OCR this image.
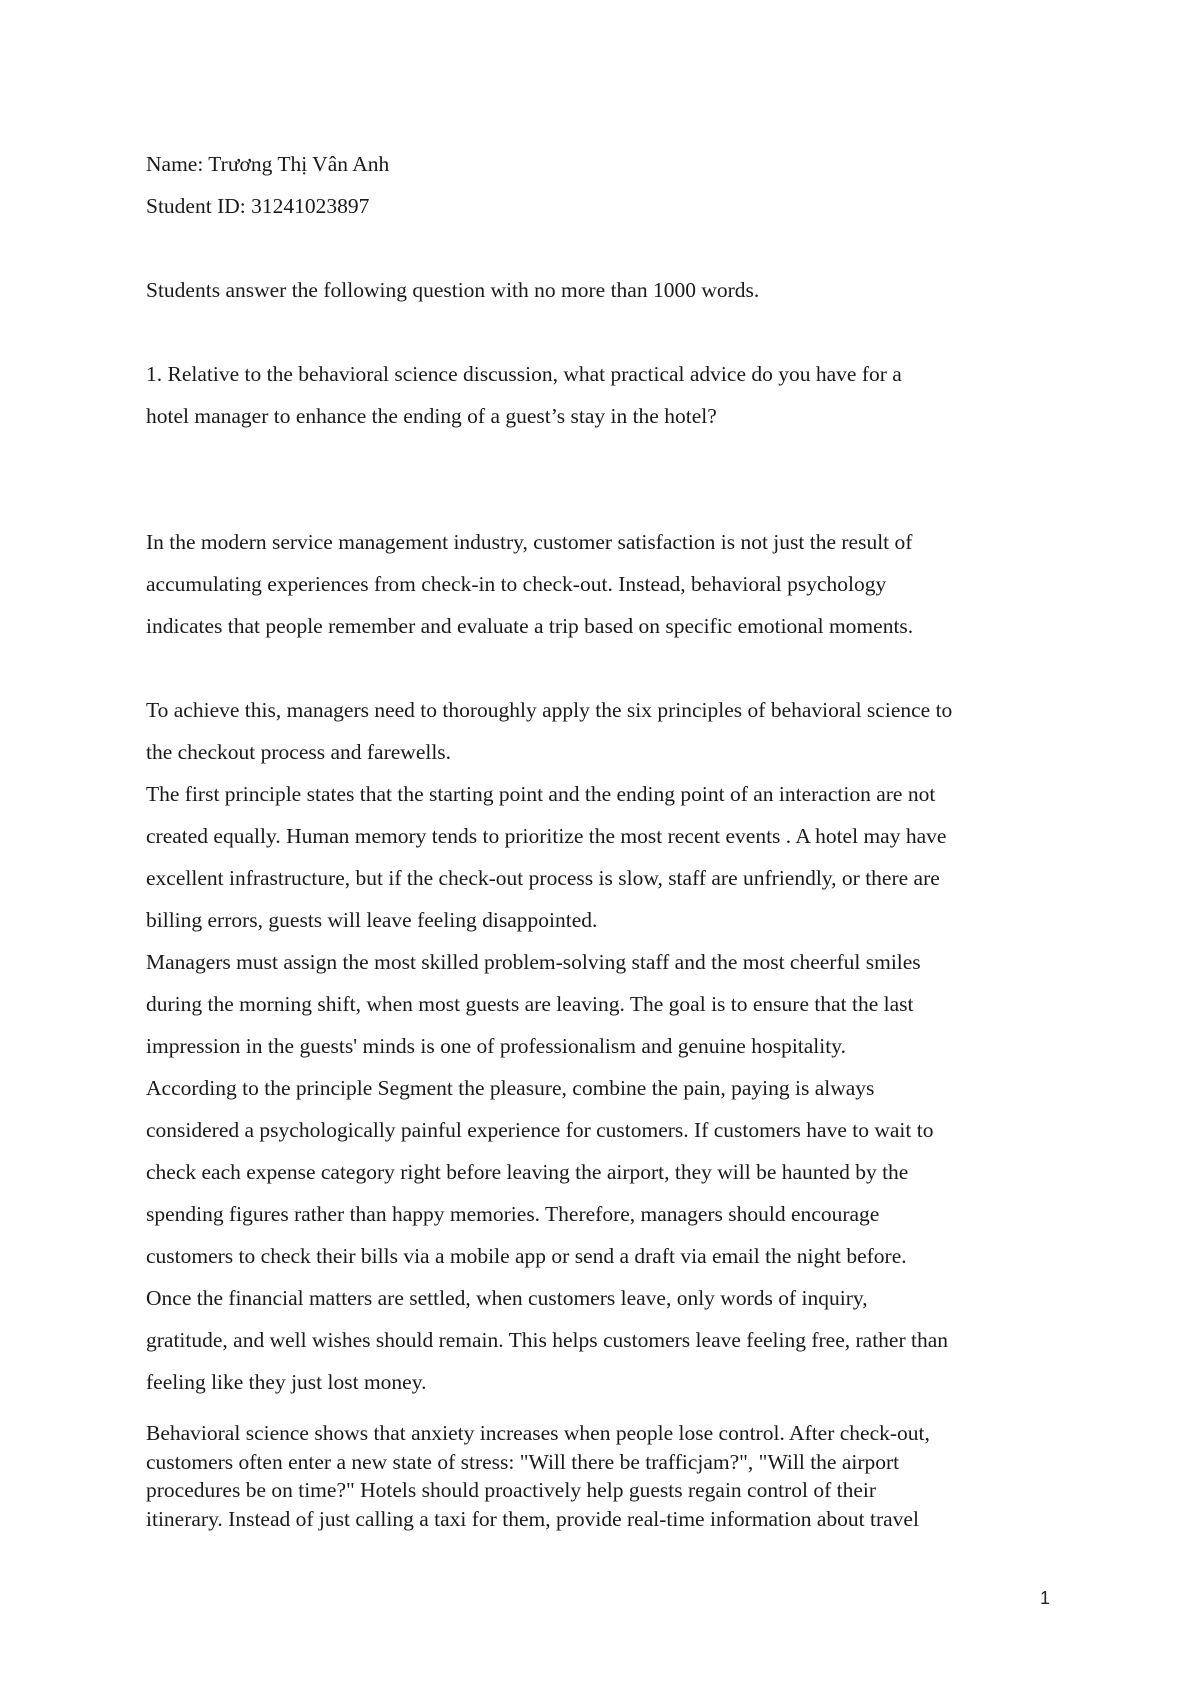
Name: Trương Thị Vân Anh

Student ID: 31241023897

Students answer the following question with no more than 1000 words.

1. Relative to the behavioral science discussion, what practical advice do you have for a

hotel manager to enhance the ending of a guest’s stay in the hotel?

In the modern service management industry, customer satisfaction is not just the result of

accumulating experiences from check-in to check-out. Instead, behavioral psychology

indicates that people remember and evaluate a trip based on specific emotional moments.

To achieve this, managers need to thoroughly apply the six principles of behavioral science to

the checkout process and farewells.

The first principle states that the starting point and the ending point of an interaction are not

created equally. Human memory tends to prioritize the most recent events . A hotel may have

excellent infrastructure, but if the check-out process is slow, staff are unfriendly, or there are

billing errors, guests will leave feeling disappointed.

Managers must assign the most skilled problem-solving staff and the most cheerful smiles

during the morning shift, when most guests are leaving. The goal is to ensure that the last

impression in the guests' minds is one of professionalism and genuine hospitality.

According to the principle Segment the pleasure, combine the pain, paying is always

considered a psychologically painful experience for customers. If customers have to wait to

check each expense category right before leaving the airport, they will be haunted by the

spending figures rather than happy memories. Therefore, managers should encourage

customers to check their bills via a mobile app or send a draft via email the night before.

Once the financial matters are settled, when customers leave, only words of inquiry,

gratitude, and well wishes should remain. This helps customers leave feeling free, rather than

feeling like they just lost money.

Behavioral science shows that anxiety increases when people lose control. After check-out,

customers often enter a new state of stress: "Will there be trafficjam?", "Will the airport

procedures be on time?" Hotels should proactively help guests regain control of their

itinerary. Instead of just calling a taxi for them, provide real-time information about travel

1
